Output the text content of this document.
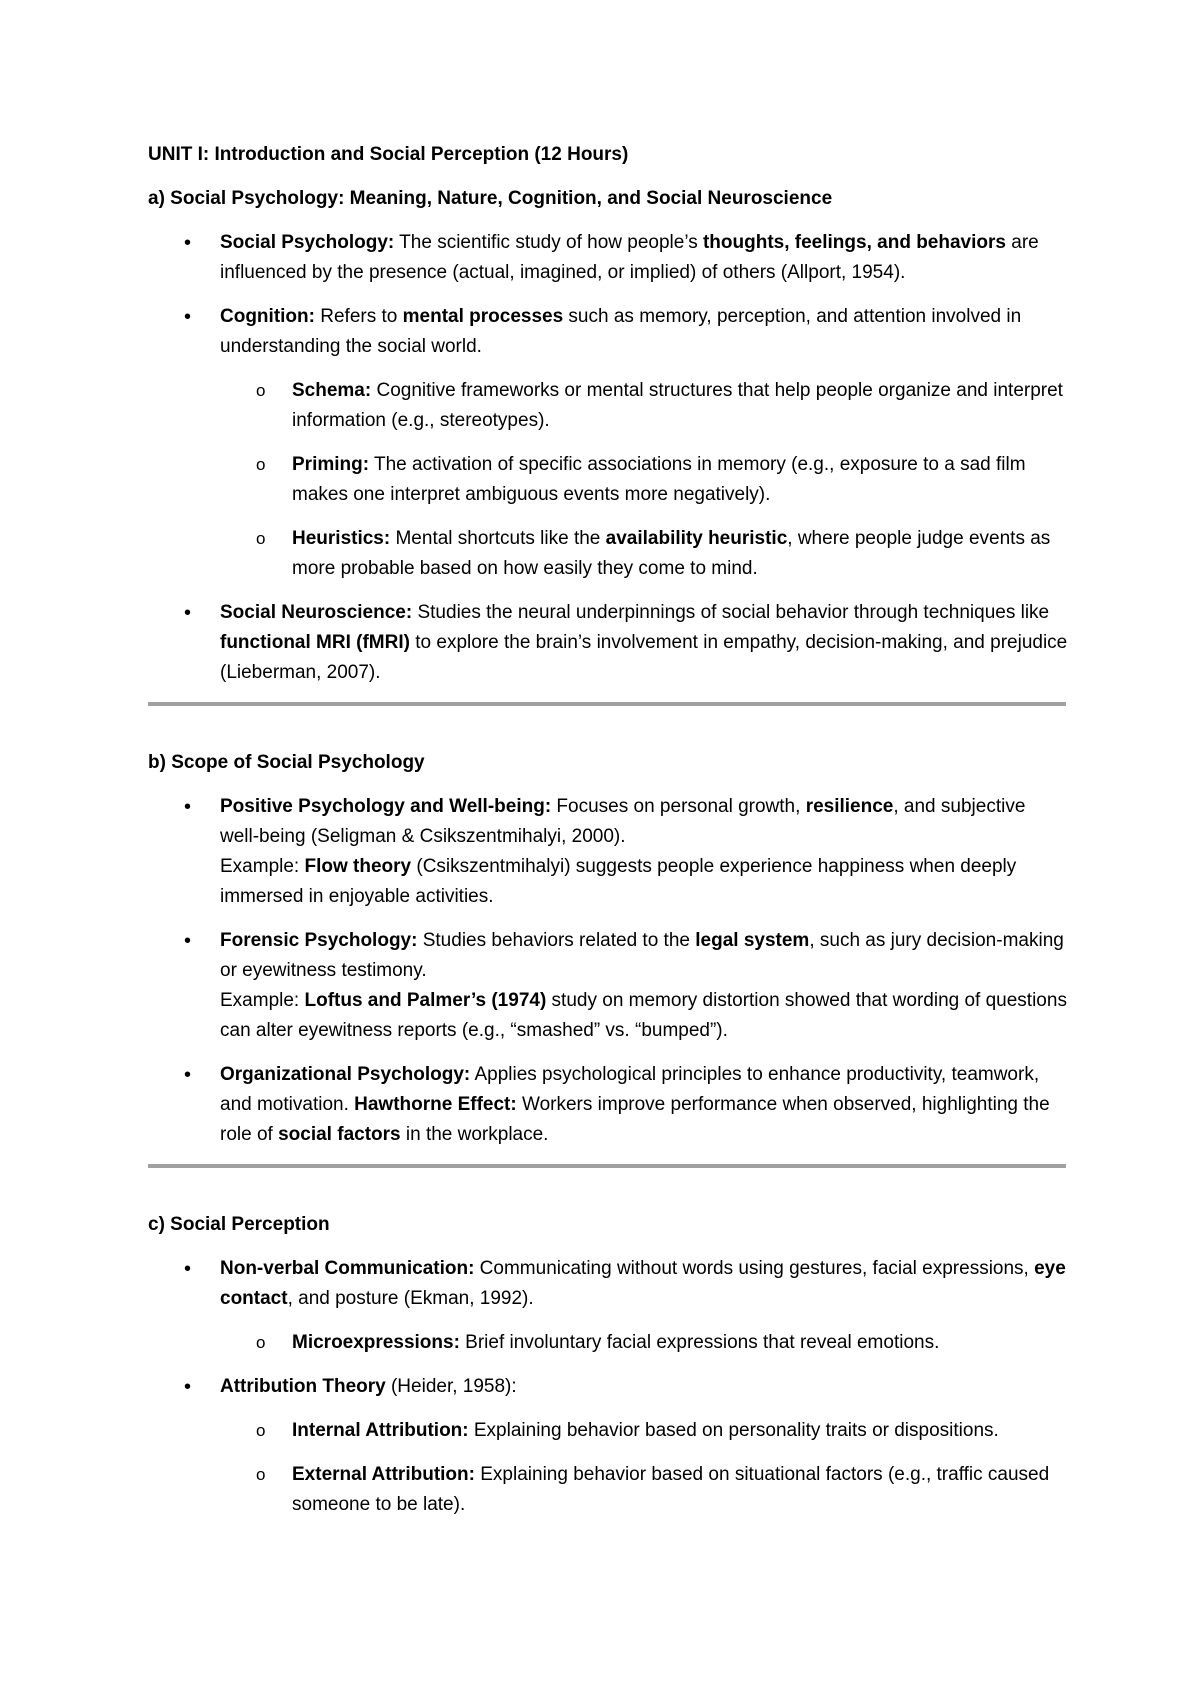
UNIT I: Introduction and Social Perception (12 Hours)

a) Social Psychology: Meaning, Nature, Cognition, and Social Neuroscience

• Social Psychology: The scientific study of how people’s thoughts, feelings, and behaviors are influenced by the presence (actual, imagined, or implied) of others (Allport, 1954).
• Cognition: Refers to mental processes such as memory, perception, and attention involved in understanding the social world.
o Schema: Cognitive frameworks or mental structures that help people organize and interpret information (e.g., stereotypes).
o Priming: The activation of specific associations in memory (e.g., exposure to a sad film makes one interpret ambiguous events more negatively).
o Heuristics: Mental shortcuts like the availability heuristic, where people judge events as more probable based on how easily they come to mind.
• Social Neuroscience: Studies the neural underpinnings of social behavior through techniques like functional MRI (fMRI) to explore the brain’s involvement in empathy, decision-making, and prejudice (Lieberman, 2007).

b) Scope of Social Psychology

• Positive Psychology and Well-being: Focuses on personal growth, resilience, and subjective well-being (Seligman & Csikszentmihalyi, 2000).
Example: Flow theory (Csikszentmihalyi) suggests people experience happiness when deeply immersed in enjoyable activities.
• Forensic Psychology: Studies behaviors related to the legal system, such as jury decision-making or eyewitness testimony.
Example: Loftus and Palmer’s (1974) study on memory distortion showed that wording of questions can alter eyewitness reports (e.g., “smashed” vs. “bumped”).
• Organizational Psychology: Applies psychological principles to enhance productivity, teamwork, and motivation. Hawthorne Effect: Workers improve performance when observed, highlighting the role of social factors in the workplace.

c) Social Perception

• Non-verbal Communication: Communicating without words using gestures, facial expressions, eye contact, and posture (Ekman, 1992).
o Microexpressions: Brief involuntary facial expressions that reveal emotions.
• Attribution Theory (Heider, 1958):
o Internal Attribution: Explaining behavior based on personality traits or dispositions.
o External Attribution: Explaining behavior based on situational factors (e.g., traffic caused someone to be late).
